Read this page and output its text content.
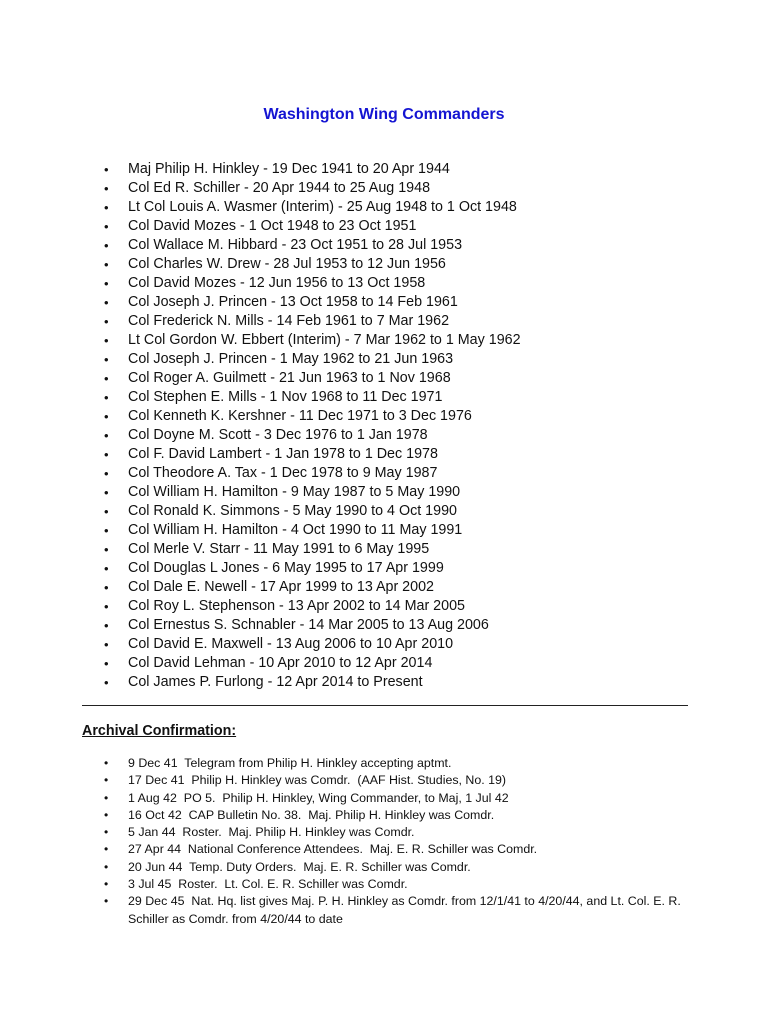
Washington Wing Commanders
• Maj Philip H. Hinkley - 19 Dec 1941 to 20 Apr 1944
• Col Ed R. Schiller - 20 Apr 1944 to 25 Aug 1948
• Lt Col Louis A. Wasmer (Interim) - 25 Aug 1948 to 1 Oct 1948
• Col David Mozes - 1 Oct 1948 to 23 Oct 1951
• Col Wallace M. Hibbard - 23 Oct 1951 to 28 Jul 1953
• Col Charles W. Drew - 28 Jul 1953 to 12 Jun 1956
• Col David Mozes - 12 Jun 1956 to 13 Oct 1958
• Col Joseph J. Princen - 13 Oct 1958 to 14 Feb 1961
• Col Frederick N. Mills - 14 Feb 1961 to 7 Mar 1962
• Lt Col Gordon W. Ebbert (Interim) - 7 Mar 1962 to 1 May 1962
• Col Joseph J. Princen - 1 May 1962 to 21 Jun 1963
• Col Roger A. Guilmett - 21 Jun 1963 to 1 Nov 1968
• Col Stephen E. Mills - 1 Nov 1968 to 11 Dec 1971
• Col Kenneth K. Kershner - 11 Dec 1971 to 3 Dec 1976
• Col Doyne M. Scott - 3 Dec 1976 to 1 Jan 1978
• Col F. David Lambert - 1 Jan 1978 to 1 Dec 1978
• Col Theodore A. Tax - 1 Dec 1978 to 9 May 1987
• Col William H. Hamilton - 9 May 1987 to 5 May 1990
• Col Ronald K. Simmons - 5 May 1990 to 4 Oct 1990
• Col William H. Hamilton - 4 Oct 1990 to 11 May 1991
• Col Merle V. Starr - 11 May 1991 to 6 May 1995
• Col Douglas L Jones - 6 May 1995 to 17 Apr 1999
• Col Dale E. Newell - 17 Apr 1999 to 13 Apr 2002
• Col Roy L. Stephenson - 13 Apr 2002 to 14 Mar 2005
• Col Ernestus S. Schnabler - 14 Mar 2005 to 13 Aug 2006
• Col David E. Maxwell - 13 Aug 2006 to 10 Apr 2010
• Col David Lehman - 10 Apr 2010 to 12 Apr 2014
• Col James P. Furlong - 12 Apr 2014 to Present
Archival Confirmation:
• 9 Dec 41  Telegram from Philip H. Hinkley accepting aptmt.
• 17 Dec 41  Philip H. Hinkley was Comdr.  (AAF Hist. Studies, No. 19)
• 1 Aug 42  PO 5.  Philip H. Hinkley, Wing Commander, to Maj, 1 Jul 42
• 16 Oct 42  CAP Bulletin No. 38.  Maj. Philip H. Hinkley was Comdr.
• 5 Jan 44  Roster.  Maj. Philip H. Hinkley was Comdr.
• 27 Apr 44  National Conference Attendees.  Maj. E. R. Schiller was Comdr.
• 20 Jun 44  Temp. Duty Orders.  Maj. E. R. Schiller was Comdr.
• 3 Jul 45  Roster.  Lt. Col. E. R. Schiller was Comdr.
• 29 Dec 45  Nat. Hq. list gives Maj. P. H. Hinkley as Comdr. from 12/1/41 to 4/20/44, and Lt. Col. E. R. Schiller as Comdr. from 4/20/44 to date
